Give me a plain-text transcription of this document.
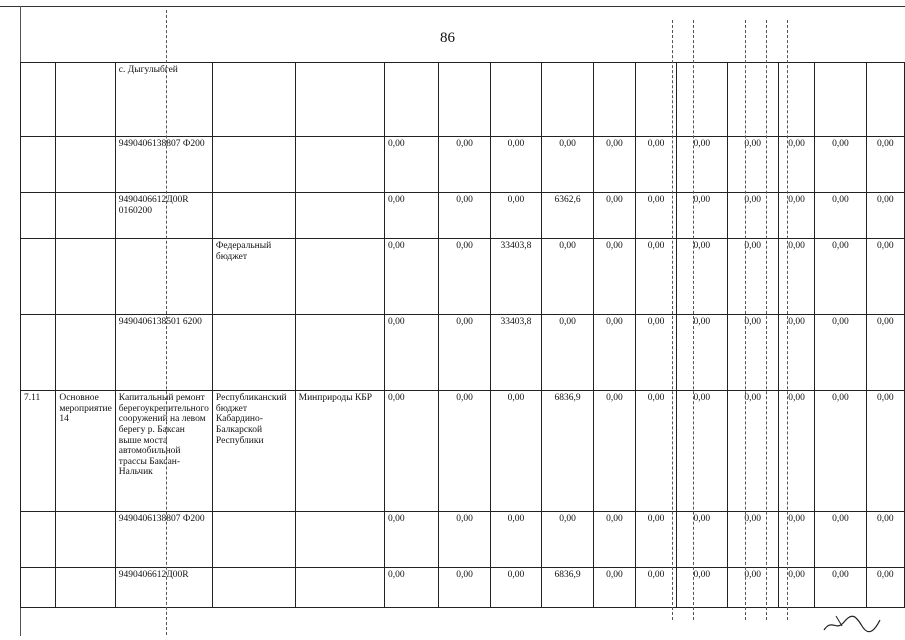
86
		с. Дыгулыбгей													
		9490406138807 Ф200			0,00	0,00	0,00	0,00	0,00	0,00	0,00	0,00	0,00	0,00	0,00
		9490406612Д00R 0160200			0,00	0,00	0,00	6362,6	0,00	0,00	0,00	0,00	0,00	0,00	0,00
			Федеральный бюджет		0,00	0,00	33403,8	0,00	0,00	0,00	0,00	0,00	0,00	0,00	0,00
		9490406138501 6200			0,00	0,00	33403,8	0,00	0,00	0,00	0,00	0,00	0,00	0,00	0,00
7.11	Основное мероприятие 14	Капитальный ремонт берегоукрепительного сооружений на левом берегу р. Баксан выше моста автомобильной трассы Баксан-Нальчик	Республиканский бюджет Кабардино-Балкарской Республики	Минприроды КБР	0,00	0,00	0,00	6836,9	0,00	0,00	0,00	0,00	0,00	0,00	0,00
		9490406138807 Ф200			0,00	0,00	0,00	0,00	0,00	0,00	0,00	0,00	0,00	0,00	0,00
		9490406612Д00R			0,00	0,00	0,00	6836,9	0,00	0,00	0,00	0,00	0,00	0,00	0,00
